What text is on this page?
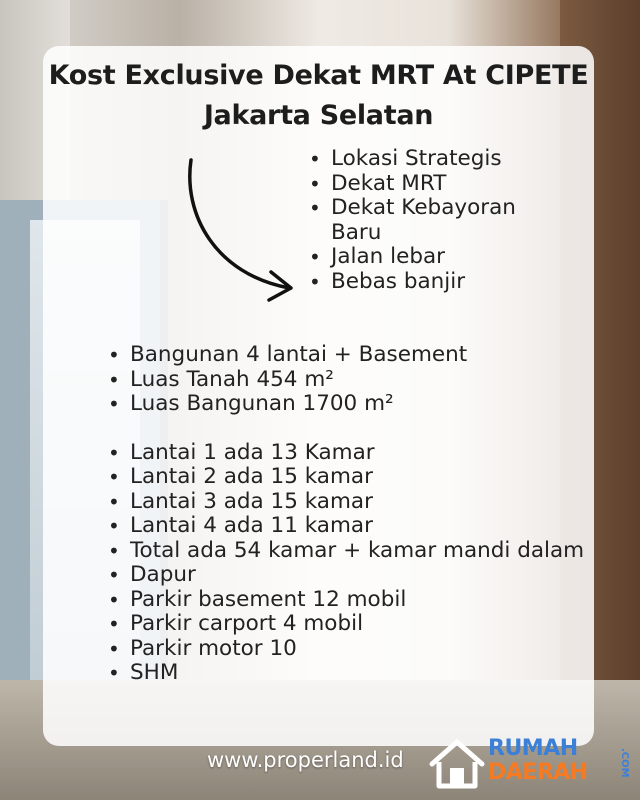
Kost Exclusive Dekat MRT At CIPETE
Jakarta Selatan
• Lokasi Strategis
• Dekat MRT
• Dekat Kebayoran Baru
• Jalan lebar
• Bebas banjir
• Bangunan 4 lantai + Basement
• Luas Tanah 454 m²
• Luas Bangunan 1700 m²
• Lantai 1 ada 13 Kamar
• Lantai 2 ada 15 kamar
• Lantai 3 ada 15 kamar
• Lantai 4 ada 11 kamar
• Total ada 54 kamar + kamar mandi dalam
• Dapur
• Parkir basement 12 mobil
• Parkir carport 4 mobil
• Parkir motor 10
• SHM
www.properland.id	RUMAH
DAERAH	.COM
